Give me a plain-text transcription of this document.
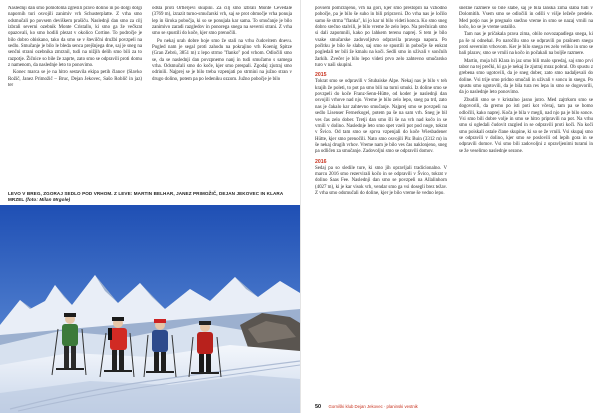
Naslednji dan smo pomotoma zgrešili pravo dolino in po dolgi dolgi napornih turi osvojili zanimiv vrh Schusterplatte. Z vrha smo odsmučali po povsem deviškem prašiču. Naslednji dan smo za cilj izbrali severni ozebnik Monte Cristallo, ki smo ga že večkrat opazovali, ko smo hodili plezat v okolico Cortine. To področje je bilo dobro obiskano, tako da smo se v številčni družbi povzpeli na sedlo. Smučanje je bilo le bleda senca prejšnjega dne, saj je sneg na senčni strani ozebnika zmrznil, tudi na nižjih delih smo bili za to razpotje. Žičnice so bile že zaprte, zato smo se odpravili proti domu z namenom, da naslednje leto to ponovimo.

Konec marca se je na hitro sestavila ekipa petih članov (Slavko Rožič, Janez Primožič – Bruc, Dejan Jekovec, Sašo Roblič in jaz) ter

odšla proti Ortlerjevi skupini. Za cilj smo izbrali Monte Cevedale (3769 m), izrazit turno-smučarski vrh, saj se prot območje vrha ponuja lep in široka pobočja, ki so se ponujala kar sama. To smučanje je bilo zanimivo zaradi razgledov in ponorega snega na severni strani. Z vrha smo se spustili do koče, kjer smo prenočili.

Po nekaj urah dobre hoje smo že stali na vrhu čudovitem dnevu. Pogled nam je segal proti zahodu na pokrajino vrh Koenig Spitze (Gran Zebrù, 3851 m) z lepo strmo "flanko" pod vrhom. Odločili smo se, da se naslednji dan povzpnemo nanj in tudi smučamo s samega vrha. Odsmučali smo do koče, kjer smo prespali. Zgodaj zjutraj smo odrinili. Najprej se je bilo treba vzpenjati po strmini na južno stran v drugo dolino, potem pa po ledeniku ozzom. Južno pobočje je bilo

LEVO V BREG, ZGORAJ SEDLO POD VRHOM. Z LEVE: MARTIN BELHAR, JANEZ PRIMOŽIČ, DEJAN JEKOVEC IN KLARA MRZEL (foto: Milan Mrgole)

povsem pomrznjeno, vrh na gori, kjer smo prestopili na vzhodno pobočje, pa je bilo še suho in bili pripravni. Do vrha nas je ločilo samo še strma "flanka", ki jo kar ni bilo videti konca. Ko smo sneg dobro srečno stalvili, je bilo vreme že zelo lepo. Na prečnicah smo si dali zapomnili, kako po lahkem terenu naprej. S tem je bilo vsake smučarske zadovoljstvo odpravila pravega napora. Po počitku je bilo še slabo, saj smo se spustili in pobočje še enkrat pogledali ter bili že kmalu na koči. Sedli smo in uživali v sončnih žarkih. Zvečer je bilo lepo videti prvo zelo zahtevno smučarsko turo v naši skupini.

2015

Tokrat smo se odpravili v Stubaiske Alpe. Nekaj nas je bilo v teh krajih že poleti, to pot pa smo bili na turni smuki. Iz doline smo se povzpeli do koče Franz-Senn-Hütte, od koder je naslednji dan osvojili vrhove nad njo. Vreme je bilo zelo lepo, sneg pa trd, zato nas je čakalo kar zahtevno smučanje. Najprej smo se povzpeli na sedlo Lisenser Fernerkogel, potem pa še na sam vrh. Sneg je bil ves čas zelo dober. Tretji dan smo šli še na vrh nad kočo in se vrnili v dolino. Naslednje leto smo spet vzeli pot pod noge, tokrat v Švico. Od tam smo se sprva vzpenjali do koče Wiesbadener Hütte, kjer smo prenočili. Nato smo osvojili Piz Buin (3312 m) in še nekaj drugih vrhov. Vreme nam je bilo ves čas naklonjeno, sneg pa odličen za smučanje. Zadovoljni smo se odpravili domov.

2016

Sedaj pa so sledile ture, ki smo jih opravljali tradicionalno. V marcu 2016 smo rezervirali kočo in se odpravili v Švico, tokrat v dolino Saas Fee. Naslednji dan smo se povzpeli na Allalinhorn (4027 m), ki je kar visok vrh, vendar smo ga vsi dosegli brez težav. Z vrha smo odsmučali do doline, kjer je bilo vreme še vedno lepo.

snežne razmere so bile slabe, saj je bila lanska zima slaba tudi v Dolomitih. Vsem smo se odločili in odšli v višje ležeče predele. Med potjo nas je pregnalo snežno vreme in smo se nazaj vrnili na kočo, ko se je vreme ustalilo.

Tam nas je pričakala prava zima, obilo novozapadlega snega, ki pa še ni odnehal. Po naročilu smo se odpravili po prašnem snegu proti severnim vrhovom. Ker je bilo snega res zelo veliko in smo se bali plazov, smo se vrnili na kočo in počakali na boljše razmere.

Martin, moja hči Klara in jaz smo bili malo spredaj, saj smo prvi tabor na tej prečki, ki ga je nekaj že zjutraj mraz pobral. Ob spustu z grebena smo ugotovili, da je sneg dober, zato smo nadaljevali do doline. Vsi trije smo pridno smučali in uživali v soncu in snegu. Po spustu smo ugotovili, da je bila tura res lepa in smo se dogovorili, da jo naslednje leto ponovimo.

Zbudili smo se v kristalno jasno jutro. Med zajtrkom smo se dogovorili, da gremo po isti poti kot včeraj, tam pa se bomo odločili, kako naprej. Koča je bila v megli, nad njo pa je bilo sonce. Vsi smo bili dobre volje in smo se hitro pripravili na pot. Na vrhu smo si ogledali čudovit razgled in se odpravili proti koči. Na koči smo poiskali ostale člane skupine, ki so se že vrnili. Vsi skupaj smo se odpravili v dolino, kjer smo se poslovili od lepih gora in se odpravili domov. Vsi smo bili zadovoljni z opravljenimi turami in se že veselimo naslednje sezone.

50 Gorniški klub Dejan Jekovec · planinski vestnik
